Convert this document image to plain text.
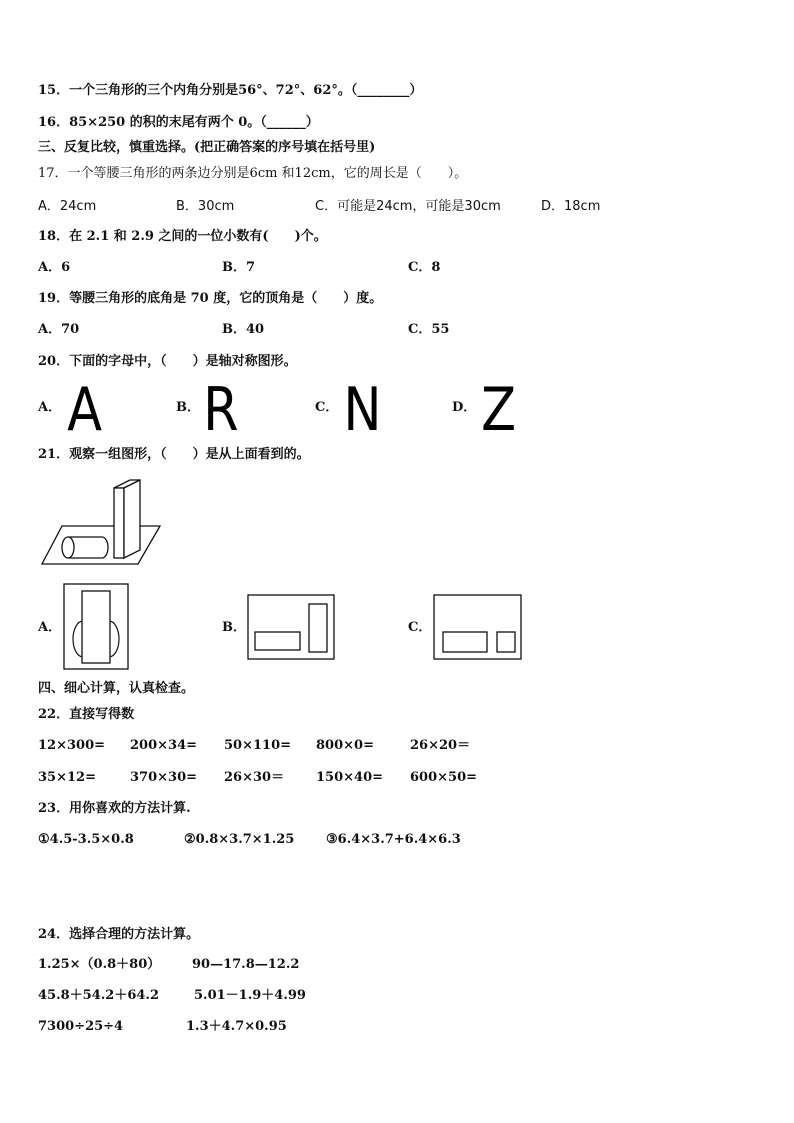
15．一个三角形的三个内角分别是56°、72°、62°。（________）
16．85×250 的积的末尾有两个 0。（______）
三、反复比较，慎重选择。(把正确答案的序号填在括号里)
17．一个等腰三角形的两条边分别是6cm 和12cm，它的周长是（　　）。
A．24cm	B．30cm	C．可能是24cm，可能是30cm	D．18cm
18．在 2.1 和 2.9 之间的一位小数有(　　)个。
A．6	B．7	C．8
19．等腰三角形的底角是 70 度，它的顶角是（　　）度。
A．70	B．40	C．55
20．下面的字母中，（　　）是轴对称图形。
A． A	B． R	C． N	D． Z
21．观察一组图形，（　　）是从上面看到的。
A．	B．	C．
四、细心计算，认真检查。
22．直接写得数
12×300= 200×34= 50×110= 800×0=	26×20＝
35×12=	370×30= 26×30＝ 150×40= 600×50=
23．用你喜欢的方法计算.
①4.5-3.5×0.8	②0.8×3.7×1.25 ③6.4×3.7+6.4×6.3
24．选择合理的方法计算。
1.25×（0.8＋80） 90—17.8—12.2
45.8＋54.2＋64.2	5.01－1.9＋4.99
7300÷25÷4	1.3＋4.7×0.95
